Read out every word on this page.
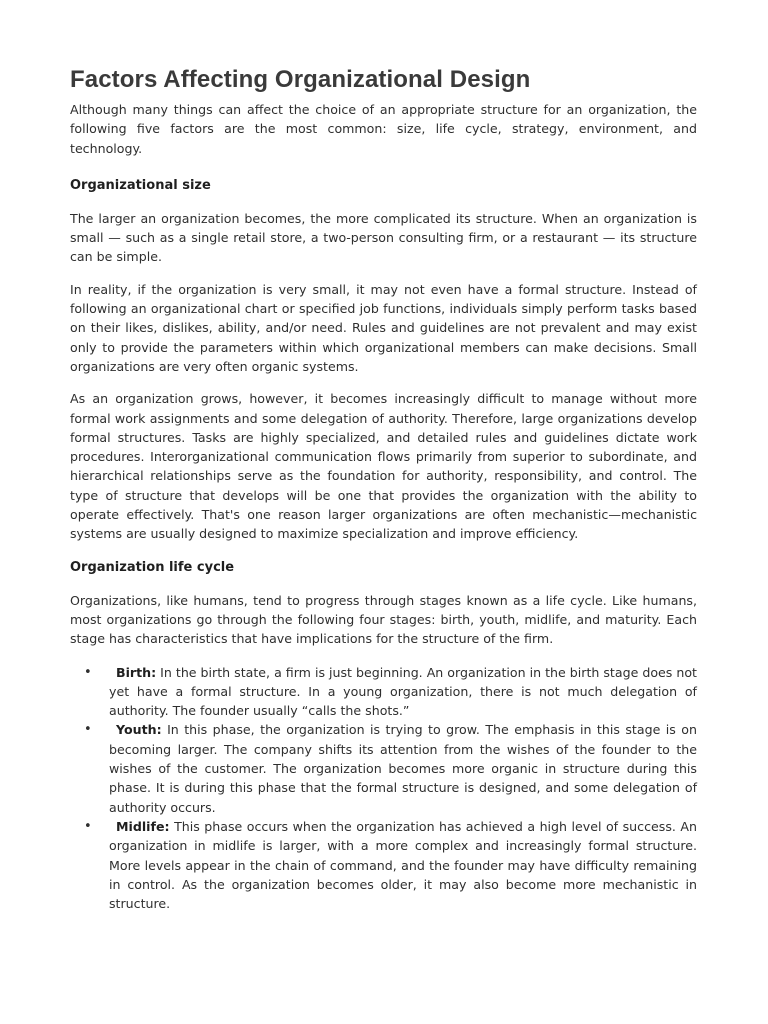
Factors Affecting Organizational Design

Although many things can affect the choice of an appropriate structure for an organization, the following five factors are the most common: size, life cycle, strategy, environment, and technology.

Organizational size

The larger an organization becomes, the more complicated its structure. When an organization is small — such as a single retail store, a two‐person consulting firm, or a restaurant — its structure can be simple.

In reality, if the organization is very small, it may not even have a formal structure. Instead of following an organizational chart or specified job functions, individuals simply perform tasks based on their likes, dislikes, ability, and/or need. Rules and guidelines are not prevalent and may exist only to provide the parameters within which organizational members can make decisions. Small organizations are very often organic systems.

As an organization grows, however, it becomes increasingly difficult to manage without more formal work assignments and some delegation of authority. Therefore, large organizations develop formal structures. Tasks are highly specialized, and detailed rules and guidelines dictate work procedures. Interorganizational communication flows primarily from superior to subordinate, and hierarchical relationships serve as the foundation for authority, responsibility, and control. The type of structure that develops will be one that provides the organization with the ability to operate effectively. That's one reason larger organizations are often mechanistic—mechanistic systems are usually designed to maximize specialization and improve efficiency.

Organization life cycle

Organizations, like humans, tend to progress through stages known as a life cycle. Like humans, most organizations go through the following four stages: birth, youth, midlife, and maturity. Each stage has characteristics that have implications for the structure of the firm.

• Birth: In the birth state, a firm is just beginning. An organization in the birth stage does not yet have a formal structure. In a young organization, there is not much delegation of authority. The founder usually “calls the shots.”
• Youth: In this phase, the organization is trying to grow. The emphasis in this stage is on becoming larger. The company shifts its attention from the wishes of the founder to the wishes of the customer. The organization becomes more organic in structure during this phase. It is during this phase that the formal structure is designed, and some delegation of authority occurs.
• Midlife: This phase occurs when the organization has achieved a high level of success. An organization in midlife is larger, with a more complex and increasingly formal structure. More levels appear in the chain of command, and the founder may have difficulty remaining in control. As the organization becomes older, it may also become more mechanistic in structure.
